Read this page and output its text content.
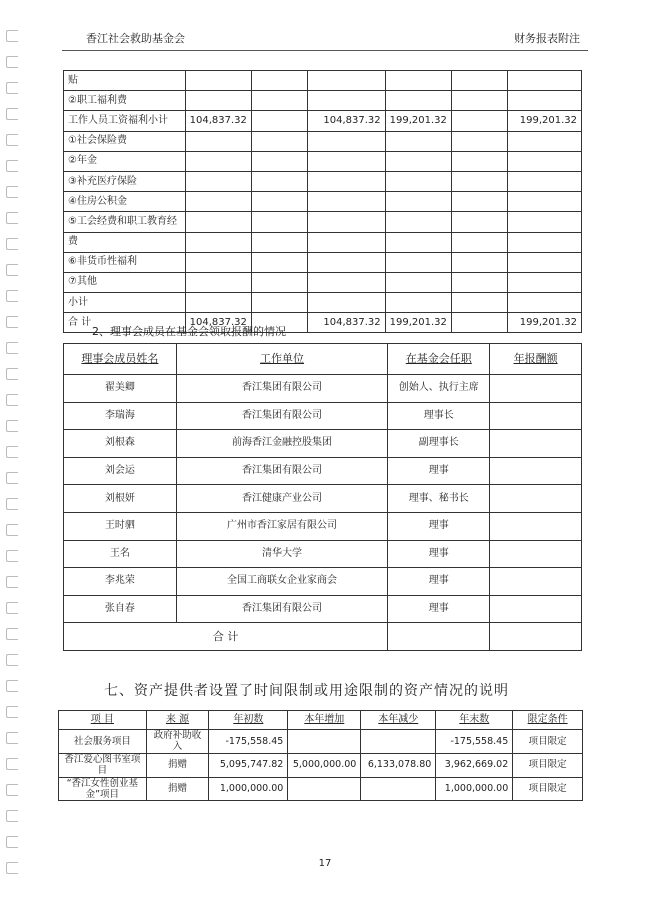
香江社会救助基金会	财务报表附注
贴						
②职工福利费						
工作人员工资福利小计	104,837.32		104,837.32	199,201.32		199,201.32
①社会保险费						
②年金						
③补充医疗保险						
④住房公积金						
⑤工会经费和职工教育经						
费						
⑥非货币性福利						
⑦其他						
小计						
合 计	104,837.32		104,837.32	199,201.32		199,201.32
2、理事会成员在基金会领取报酬的情况
理事会成员姓名	工作单位	在基金会任职	年报酬额
翟美卿	香江集团有限公司	创始人、执行主席	
李瑞海	香江集团有限公司	理事长	
刘根森	前海香江金融控股集团	副理事长	
刘会运	香江集团有限公司	理事	
刘根妍	香江健康产业公司	理事、秘书长	
王时驷	广州市香江家居有限公司	理事	
王名	清华大学	理事	
李兆荣	全国工商联女企业家商会	理事	
张自春	香江集团有限公司	理事	
合 计			
七、资产提供者设置了时间限制或用途限制的资产情况的说明
项 目	来 源	年初数	本年增加	本年减少	年末数	限定条件
社会服务项目	政府补助收入	-175,558.45			-175,558.45	项目限定
香江爱心图书室项目	捐赠	5,095,747.82	5,000,000.00	6,133,078.80	3,962,669.02	项目限定
“香江女性创业基金”项目	捐赠	1,000,000.00			1,000,000.00	项目限定
17
